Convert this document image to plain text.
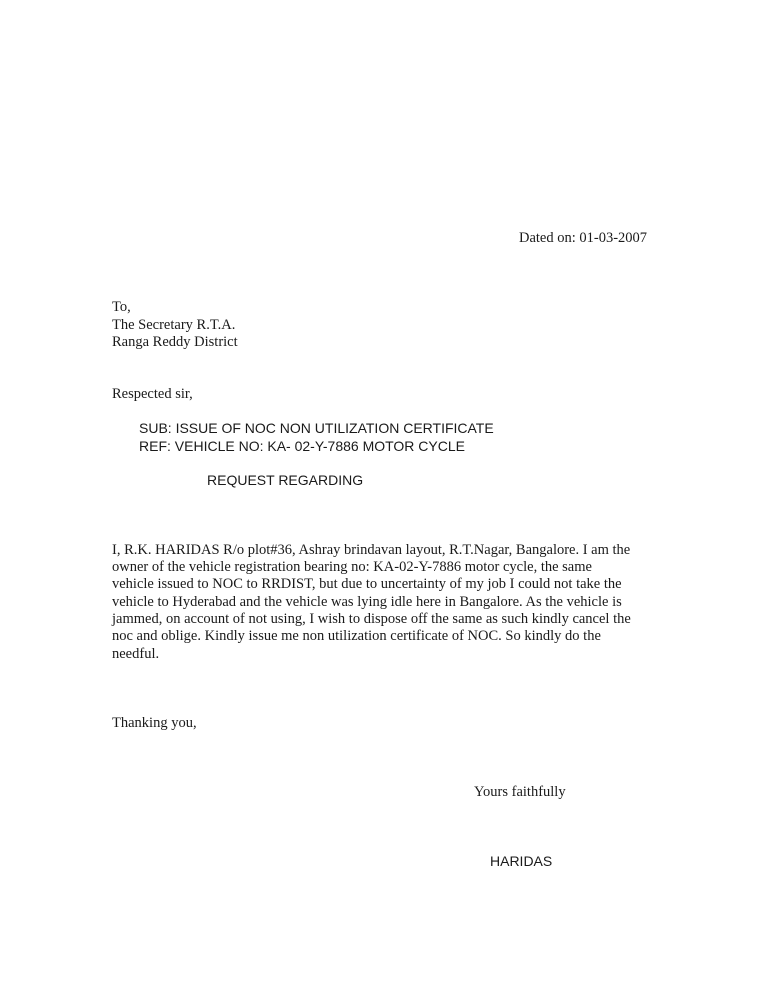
Dated on: 01-03-2007
To,
The Secretary R.T.A.
Ranga Reddy District
Respected sir,
SUB: ISSUE OF NOC NON UTILIZATION CERTIFICATE
REF: VEHICLE NO: KA- 02-Y-7886 MOTOR CYCLE
REQUEST REGARDING
I, R.K. HARIDAS R/o plot#36, Ashray brindavan layout, R.T.Nagar, Bangalore. I am the
owner of the vehicle registration bearing no: KA-02-Y-7886 motor cycle, the same
vehicle issued to NOC to RRDIST, but due to uncertainty of my job I could not take the
vehicle to Hyderabad and the vehicle was lying idle here in Bangalore. As the vehicle is
jammed, on account of not using, I wish to dispose off the same as such kindly cancel the
noc and oblige. Kindly issue me non utilization certificate of NOC. So kindly do the
needful.
Thanking you,
Yours faithfully
HARIDAS
